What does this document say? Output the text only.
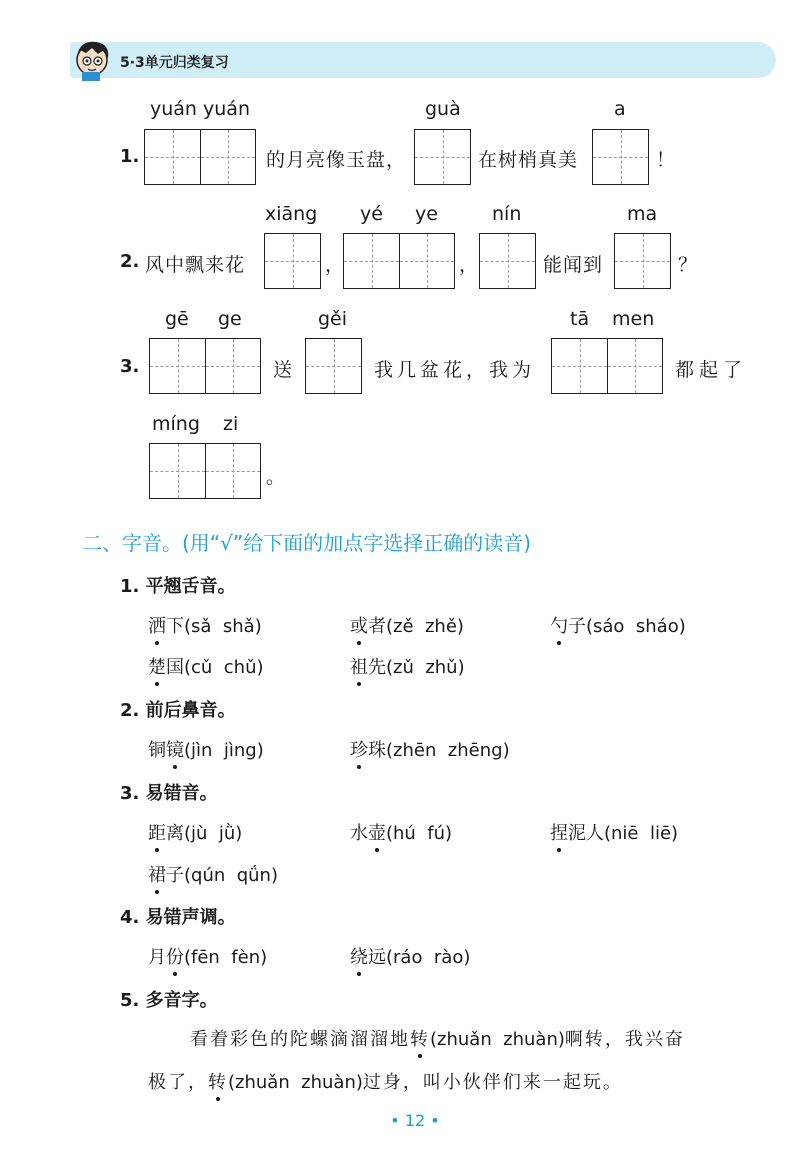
5·3单元归类复习
yuán yuán	guà	a
1.	的月亮像玉盘，	在树梢真美	！
xiāng yé ye	nín	ma
2. 风中飘来花	，	，	能闻到	？
gē ge	gěi	tā men
3.	送	我几盆花，我为	都起了
míng zi
。
二、字音。(用“√”给下面的加点字选择正确的读音)
1. 平翘舌音。
洒下(sǎ  shǎ)	或者(zě  zhě)	勺子(sáo  sháo)
楚国(cǔ  chǔ)	祖先(zǔ  zhǔ)
2. 前后鼻音。
铜镜(jìn  jìng)	珍珠(zhēn  zhēng)
3. 易错音。
距离(jù  jǜ)	水壶(hú  fú)	捏泥人(niē  liē)
裙子(qún  qǘn)
4. 易错声调。
月份(fēn  fèn)	绕远(ráo  rào)
5. 多音字。
看着彩色的陀螺滴溜溜地转(zhuǎn  zhuàn)啊转，我兴奋
极了，转(zhuǎn  zhuàn)过身，叫小伙伴们来一起玩。
• 12 •
